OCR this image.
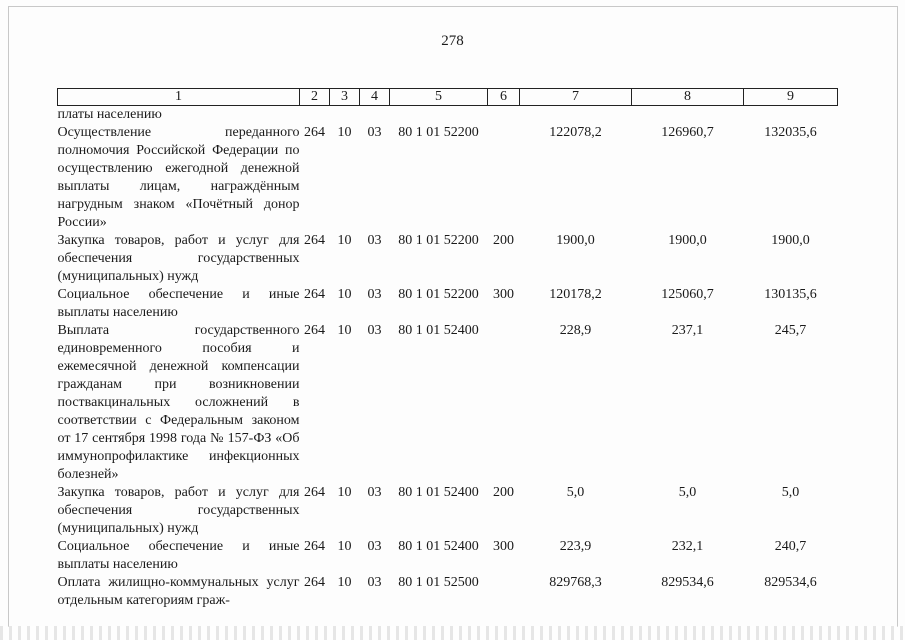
278
1	2	3	4	5	6	7	8	9
платы населению								
Осуществление переданного полномочия Российской Федерации по осуществлению ежегодной денежной выплаты лицам, награждённым нагрудным знаком «Почётный донор России»	264	10	03	80 1 01 52200		122078,2	126960,7	132035,6
Закупка товаров, работ и услуг для обеспечения государственных (муниципальных) нужд	264	10	03	80 1 01 52200	200	1900,0	1900,0	1900,0
Социальное обеспечение и иные выплаты населению	264	10	03	80 1 01 52200	300	120178,2	125060,7	130135,6
Выплата государственного единовременного пособия и ежемесячной денежной компенсации гражданам при возникновении поствакцинальных осложнений в соответствии с Федеральным законом от 17 сентября 1998 года № 157-ФЗ «Об иммунопрофилактике инфекционных болезней»	264	10	03	80 1 01 52400		228,9	237,1	245,7
Закупка товаров, работ и услуг для обеспечения государственных (муниципальных) нужд	264	10	03	80 1 01 52400	200	5,0	5,0	5,0
Социальное обеспечение и иные выплаты населению	264	10	03	80 1 01 52400	300	223,9	232,1	240,7
Оплата жилищно-коммунальных услуг отдельным категориям граж-	264	10	03	80 1 01 52500		829768,3	829534,6	829534,6
